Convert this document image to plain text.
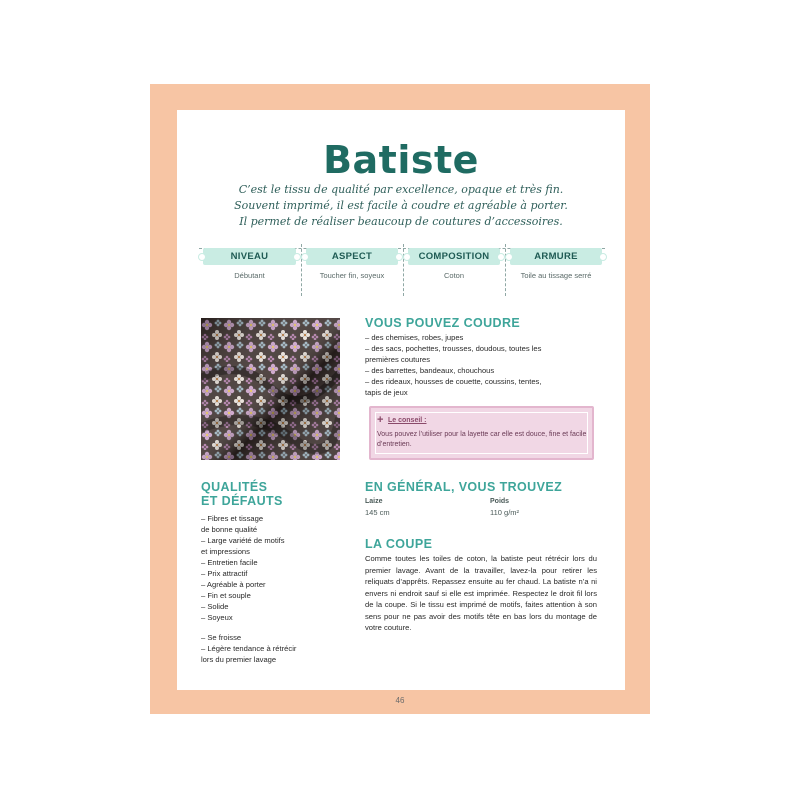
Batiste
C’est le tissu de qualité par excellence, opaque et très fin.
Souvent imprimé, il est facile à coudre et agréable à porter.
Il permet de réaliser beaucoup de coutures d’accessoires.
NIVEAU
Débutant
ASPECT
Toucher fin, soyeux
COMPOSITION
Coton
ARMURE
Toile au tissage serré
VOUS POUVEZ COUDRE
– des chemises, robes, jupes
– des sacs, pochettes, trousses, doudous, toutes les
premières coutures
– des barrettes, bandeaux, chouchous
– des rideaux, housses de couette, coussins, tentes,
tapis de jeux
+ Le conseil :
Vous pouvez l’utiliser pour la layette car elle est douce, fine et facile d’entretien.
QUALITÉS
ET DÉFAUTS
– Fibres et tissage
de bonne qualité
– Large variété de motifs
et impressions
– Entretien facile
– Prix attractif
– Agréable à porter
– Fin et souple
– Solide
– Soyeux
– Se froisse
– Légère tendance à rétrécir
lors du premier lavage
EN GÉNÉRAL, VOUS TROUVEZ
Laize
145 cm
Poids
110 g/m²
LA COUPE
Comme toutes les toiles de coton, la batiste peut rétrécir lors du premier lavage. Avant de la travailler, lavez-la pour retirer les reliquats d’apprêts. Repassez ensuite au fer chaud. La batiste n’a ni envers ni endroit sauf si elle est imprimée. Respectez le droit fil lors de la coupe. Si le tissu est imprimé de motifs, faites attention à son sens pour ne pas avoir des motifs tête en bas lors du montage de votre couture.
46
